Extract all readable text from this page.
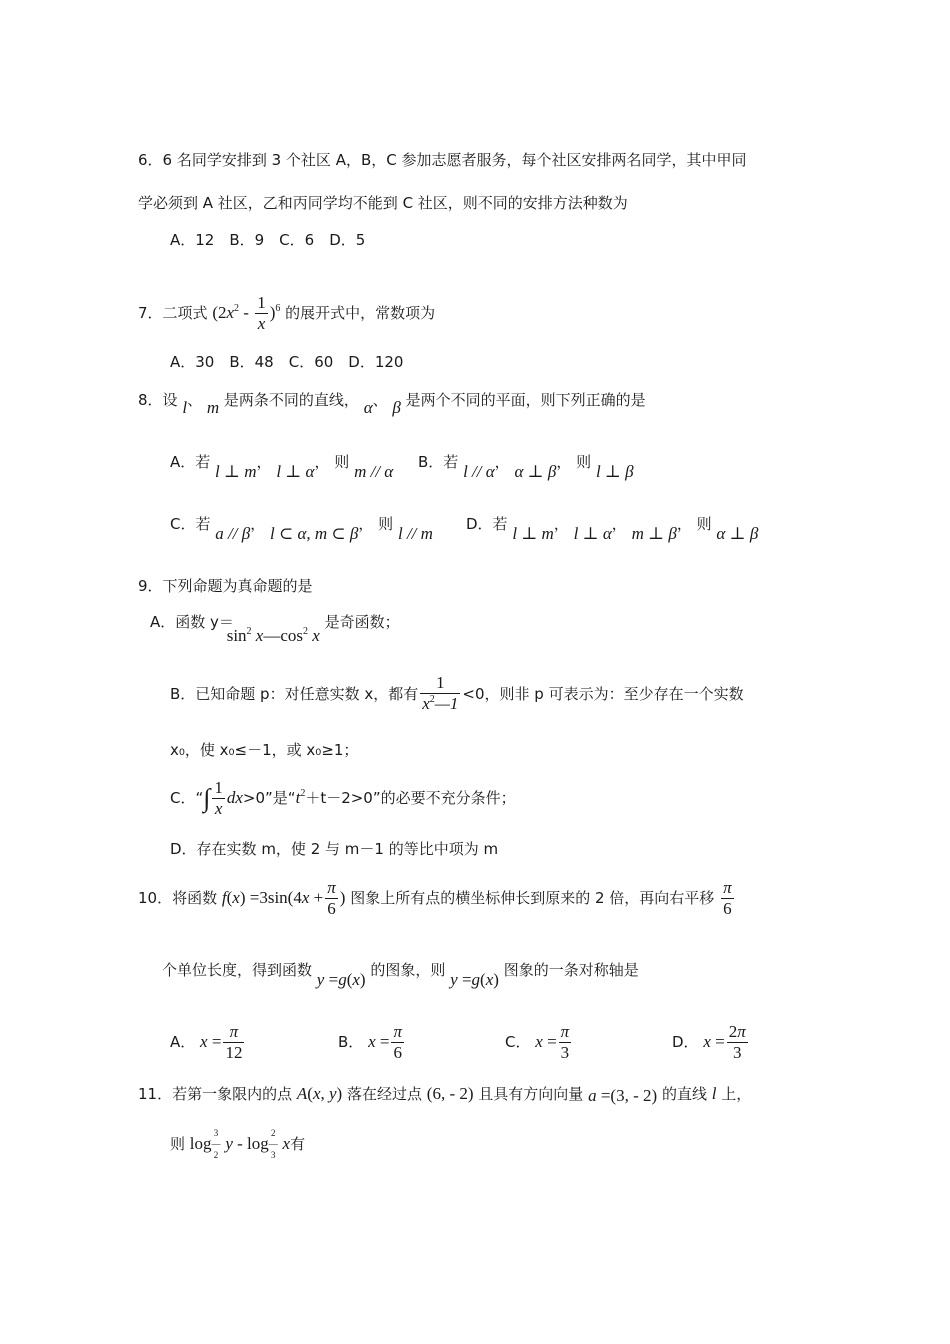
6．6 名同学安排到 3 个社区 A，B，C 参加志愿者服务，每个社区安排两名同学，其中甲同
学必须到 A 社区，乙和丙同学均不能到 C 社区，则不同的安排方法种数为
A．12　B．9　C．6　D．5
7．二项式 $(2x^2 - \frac{1}{x} )^6$ 的展开式中，常数项为
A．30　B．48　C．60　D．120
8．设 l、 m 是两条不同的直线， α、 β 是两个不同的平面，则下列正确的是
A．若 l ⊥ m， l ⊥ α， 则 m // α B．若 l // α， α ⊥ β， 则 l ⊥ β
C．若 a // β， l ⊂ α, m ⊂ β， 则 l // m D．若 l ⊥ m， l ⊥ α， m ⊥ β， 则 α ⊥ β
9．下列命题为真命题的是
A．函数 $y= \sin^2$ $x—\cos^2$ x 是奇函数；
B．已知命题 p：对任意实数 x，都有 $\frac{1}{x^2—1} <0$，则非 p 可表示为：至少存在一个实数
x₀，使 x₀≤－1，或 x₀≥1；
C．“∫ $\frac{1}{x} dx>0$”是“$t^2+t-2>0$”的必要不充分条件；
D．存在实数 m，使 2 与 m－1 的等比中项为 m
10．将函数 $f(x) =3\sin(4x + \frac{\pi}{6}$ ) 图象上所有点的横坐标伸长到原来的 2 倍，再向右平移 $\frac{\pi}{6}$
个单位长度，得到函数 y =g(x) 的图象，则 y =g(x) 图象的一条对称轴是
A． $x = \frac{\pi}{12}$	B． $x = \frac{\pi}{6}$	C． $x = \frac{\pi}{3}$	D． $x = \frac{2\pi}{3}$
11．若第一象限内的点 A(x, y) 落在经过点 (6, - 2) 且具有方向向量 a =(3, - 2) 的直线 l 上，
则 log3
—
2 y - log2
—
3 x有
